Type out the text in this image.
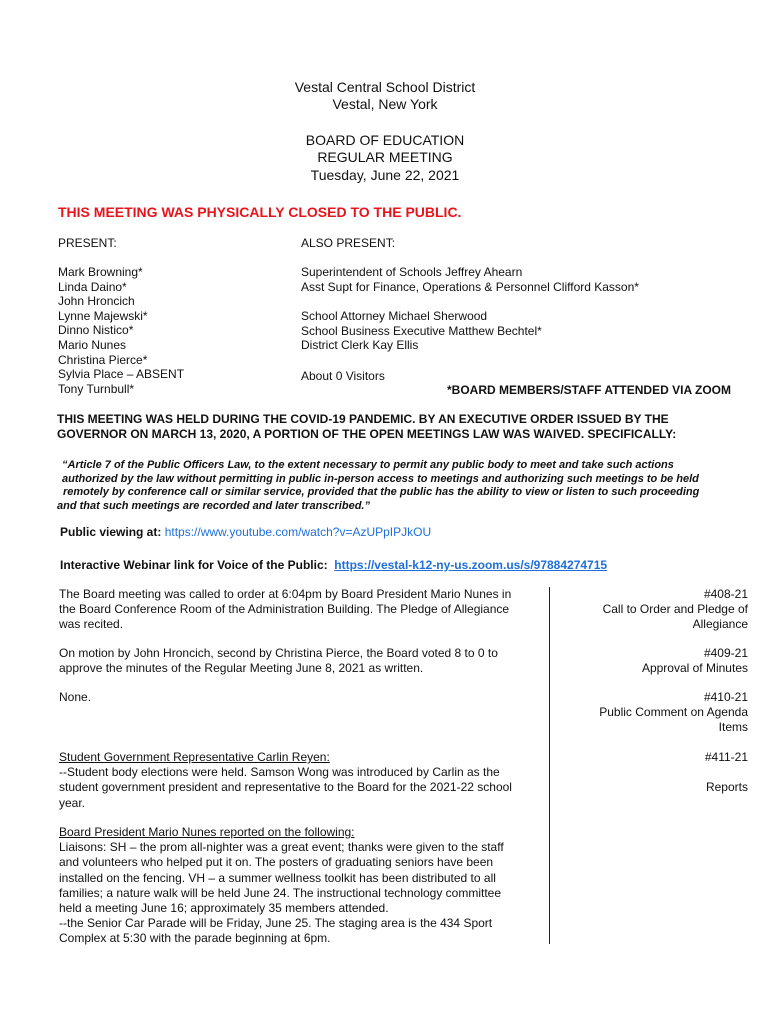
Vestal Central School District
Vestal, New York
BOARD OF EDUCATION
REGULAR MEETING
Tuesday, June 22, 2021
THIS MEETING WAS PHYSICALLY CLOSED TO THE PUBLIC.
PRESENT:
Mark Browning*
Linda Daino*
John Hroncich
Lynne Majewski*
Dinno Nistico*
Mario Nunes
Christina Pierce*
Sylvia Place – ABSENT
Tony Turnbull*
ALSO PRESENT:
Superintendent of Schools Jeffrey Ahearn
Asst Supt for Finance, Operations & Personnel Clifford Kasson*
School Attorney Michael Sherwood
School Business Executive Matthew Bechtel*
District Clerk Kay Ellis
About 0 Visitors
*BOARD MEMBERS/STAFF ATTENDED VIA ZOOM
THIS MEETING WAS HELD DURING THE COVID-19 PANDEMIC. BY AN EXECUTIVE ORDER ISSUED BY THE
GOVERNOR ON MARCH 13, 2020, A PORTION OF THE OPEN MEETINGS LAW WAS WAIVED. SPECIFICALLY:
“Article 7 of the Public Officers Law, to the extent necessary to permit any public body to meet and take such actions
authorized by the law without permitting in public in-person access to meetings and authorizing such meetings to be held
remotely by conference call or similar service, provided that the public has the ability to view or listen to such proceeding
and that such meetings are recorded and later transcribed.”
Public viewing at: https://www.youtube.com/watch?v=AzUPpIPJkOU
Interactive Webinar link for Voice of the Public: https://vestal-k12-ny-us.zoom.us/s/97884274715
The Board meeting was called to order at 6:04pm by Board President Mario Nunes in
the Board Conference Room of the Administration Building. The Pledge of Allegiance
was recited.
#408-21
Call to Order and Pledge of
Allegiance
On motion by John Hroncich, second by Christina Pierce, the Board voted 8 to 0 to
approve the minutes of the Regular Meeting June 8, 2021 as written.
#409-21
Approval of Minutes
None.	#410-21
Public Comment on Agenda
Items
Student Government Representative Carlin Reyen:
--Student body elections were held. Samson Wong was introduced by Carlin as the
student government president and representative to the Board for the 2021-22 school
year.
#411-21
Reports
Board President Mario Nunes reported on the following:
Liaisons: SH – the prom all-nighter was a great event; thanks were given to the staff
and volunteers who helped put it on. The posters of graduating seniors have been
installed on the fencing. VH – a summer wellness toolkit has been distributed to all
families; a nature walk will be held June 24. The instructional technology committee
held a meeting June 16; approximately 35 members attended.
--the Senior Car Parade will be Friday, June 25. The staging area is the 434 Sport
Complex at 5:30 with the parade beginning at 6pm.
